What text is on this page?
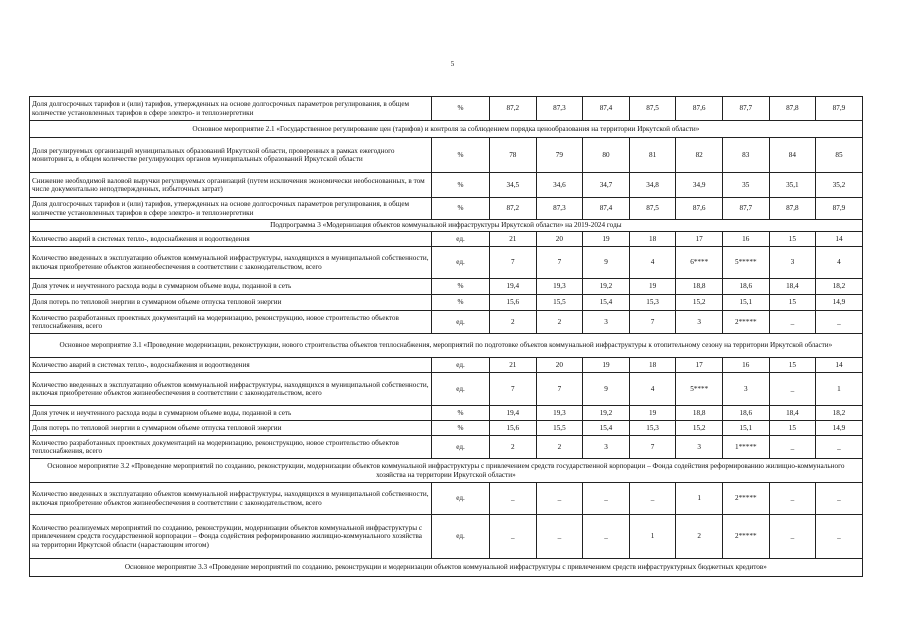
5
Доля долгосрочных тарифов и (или) тарифов, утвержденных на основе долгосрочных параметров регулирования, в общем количестве установленных тарифов в сфере электро- и теплоэнергетики	%	87,2	87,3	87,4	87,5	87,6	87,7	87,8	87,9
Основное мероприятие 2.1 «Государственное регулирование цен (тарифов) и контроля за соблюдением порядка ценообразования на территории Иркутской области»									
Доля регулируемых организаций муниципальных образований Иркутской области, проверенных в рамках ежегодного мониторинга, в общем количестве регулирующих органов муниципальных образований Иркутской области	%	78	79	80	81	82	83	84	85
Снижение необходимой валовой выручки регулируемых организаций (путем исключения экономически необоснованных, в том числе документально неподтвержденных, избыточных затрат)	%	34,5	34,6	34,7	34,8	34,9	35	35,1	35,2
Доля долгосрочных тарифов и (или) тарифов, утвержденных на основе долгосрочных параметров регулирования, в общем количестве установленных тарифов в сфере электро- и теплоэнергетики	%	87,2	87,3	87,4	87,5	87,6	87,7	87,8	87,9
Подпрограмма 3 «Модернизация объектов коммунальной инфраструктуры Иркутской области» на 2019-2024 годы									
Количество аварий в системах тепло-, водоснабжения и водоотведения	ед.	21	20	19	18	17	16	15	14
Количество введенных в эксплуатацию объектов коммунальной инфраструктуры, находящихся в муниципальной собственности, включая приобретение объектов жизнеобеспечения в соответствии с законодательством, всего	ед.	7	7	9	4	6****	5*****	3	4
Доля утечек и неучтенного расхода воды в суммарном объеме воды, поданной в сеть	%	19,4	19,3	19,2	19	18,8	18,6	18,4	18,2
Доля потерь по тепловой энергии в суммарном объеме отпуска тепловой энергии	%	15,6	15,5	15,4	15,3	15,2	15,1	15	14,9
Количество разработанных проектных документаций на модернизацию, реконструкцию, новое строительство объектов теплоснабжения, всего	ед.	2	2	3	7	3	2*****	_	_
Основное мероприятие 3.1 «Проведение модернизации, реконструкции, нового строительства объектов теплоснабжения, мероприятий по подготовке объектов коммунальной инфраструктуры к отопительному сезону на территории Иркутской области»									
Количество аварий в системах тепло-, водоснабжения и водоотведения	ед.	21	20	19	18	17	16	15	14
Количество введенных в эксплуатацию объектов коммунальной инфраструктуры, находящихся в муниципальной собственности, включая приобретение объектов жизнеобеспечения в соответствии с законодательством, всего	ед.	7	7	9	4	5****	3	_	1
Доля утечек и неучтенного расхода воды в суммарном объеме воды, поданной в сеть	%	19,4	19,3	19,2	19	18,8	18,6	18,4	18,2
Доля потерь по тепловой энергии в суммарном объеме отпуска тепловой энергии	%	15,6	15,5	15,4	15,3	15,2	15,1	15	14,9
Количество разработанных проектных документаций на модернизацию, реконструкцию, новое строительство объектов теплоснабжения, всего	ед.	2	2	3	7	3	1*****	_	_
Основное мероприятие 3.2 «Проведение мероприятий по созданию, реконструкции, модернизации объектов коммунальной инфраструктуры с привлечением средств государственной корпорации – Фонда содействия реформированию жилищно-коммунального хозяйства на территории Иркутской области»									
Количество введенных в эксплуатацию объектов коммунальной инфраструктуры, находящихся в муниципальной собственности, включая приобретение объектов жизнеобеспечения в соответствии с законодательством, всего	ед.	_	_	_	_	1	2*****	_	_
Количество реализуемых мероприятий по созданию, реконструкции, модернизации объектов коммунальной инфраструктуры с привлечением средств государственной корпорации – Фонда содействия реформированию жилищно-коммунального хозяйства на территории Иркутской области (нарастающим итогом)	ед.	_	_	_	1	2	2*****	_	_
Основное мероприятие 3.3 «Проведение мероприятий по созданию, реконструкции и модернизации объектов коммунальной инфраструктуры с привлечением средств инфраструктурных бюджетных кредитов»									
